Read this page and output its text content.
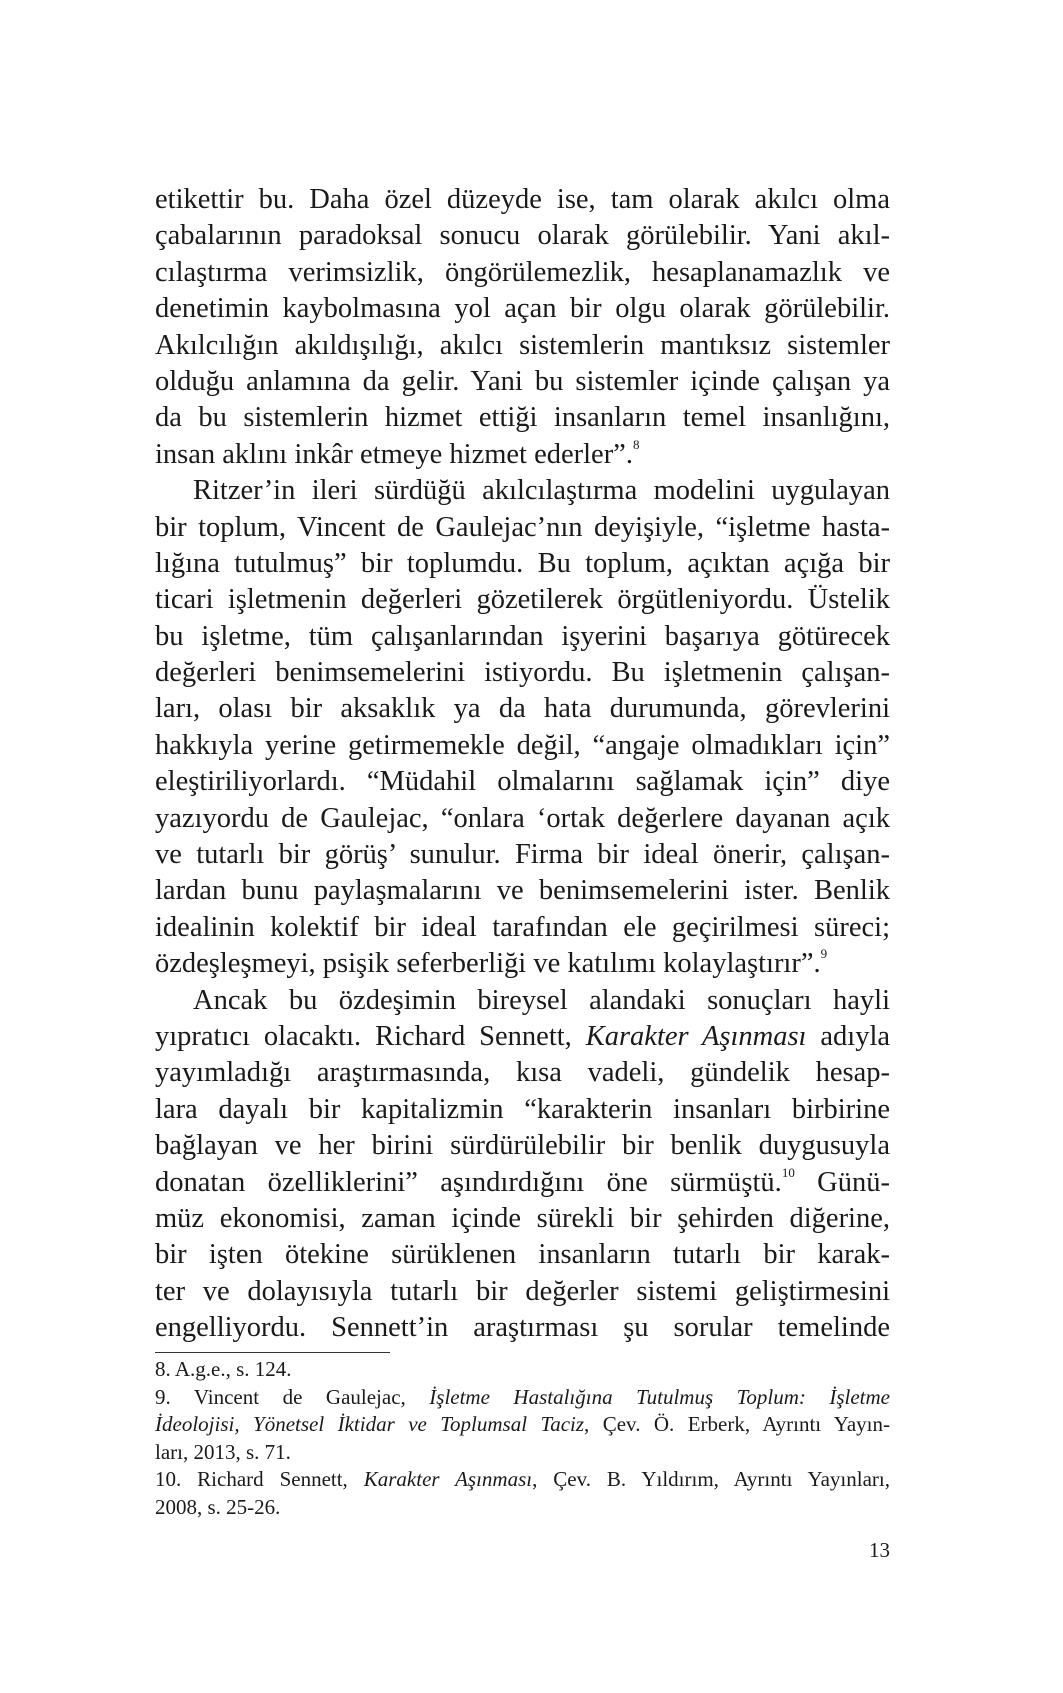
etikettir bu. Daha özel düzeyde ise, tam olarak akılcı olma
çabalarının paradoksal sonucu olarak görülebilir. Yani akıl-
cılaştırma verimsizlik, öngörülemezlik, hesaplanamazlık ve
denetimin kaybolmasına yol açan bir olgu olarak görülebilir.
Akılcılığın akıldışılığı, akılcı sistemlerin mantıksız sistemler
olduğu anlamına da gelir. Yani bu sistemler içinde çalışan ya
da bu sistemlerin hizmet ettiği insanların temel insanlığını,
insan aklını inkâr etmeye hizmet ederler”.$^8$
Ritzer’in ileri sürdüğü akılcılaştırma modelini uygulayan
bir toplum, Vincent de Gaulejac’nın deyişiyle, “işletme hasta-
lığına tutulmuş” bir toplumdu. Bu toplum, açıktan açığa bir
ticari işletmenin değerleri gözetilerek örgütleniyordu. Üstelik
bu işletme, tüm çalışanlarından işyerini başarıya götürecek
değerleri benimsemelerini istiyordu. Bu işletmenin çalışan-
ları, olası bir aksaklık ya da hata durumunda, görevlerini
hakkıyla yerine getirmemekle değil, “angaje olmadıkları için”
eleştiriliyorlardı. “Müdahil olmalarını sağlamak için” diye
yazıyordu de Gaulejac, “onlara ‘ortak değerlere dayanan açık
ve tutarlı bir görüş’ sunulur. Firma bir ideal önerir, çalışan-
lardan bunu paylaşmalarını ve benimsemelerini ister. Benlik
idealinin kolektif bir ideal tarafından ele geçirilmesi süreci;
özdeşleşmeyi, psişik seferberliği ve katılımı kolaylaştırır”.$^9$
Ancak bu özdeşimin bireysel alandaki sonuçları hayli
yıpratıcı olacaktı. Richard Sennett, Karakter Aşınması adıyla
yayımladığı araştırmasında, kısa vadeli, gündelik hesap-
lara dayalı bir kapitalizmin “karakterin insanları birbirine
bağlayan ve her birini sürdürülebilir bir benlik duygusuyla
donatan özelliklerini” aşındırdığını öne sürmüştü.$^{10}$ Günü-
müz ekonomisi, zaman içinde sürekli bir şehirden diğerine,
bir işten ötekine sürüklenen insanların tutarlı bir karak-
ter ve dolayısıyla tutarlı bir değerler sistemi geliştirmesini
engelliyordu. Sennett’in araştırması şu sorular temelinde
8. A.g.e., s. 124.
9. Vincent de Gaulejac, İşletme Hastalığına Tutulmuş Toplum: İşletme
İdeolojisi, Yönetsel İktidar ve Toplumsal Taciz, Çev. Ö. Erberk, Ayrıntı Yayın-
ları, 2013, s. 71.
10. Richard Sennett, Karakter Aşınması, Çev. B. Yıldırım, Ayrıntı Yayınları,
2008, s. 25-26.
13
